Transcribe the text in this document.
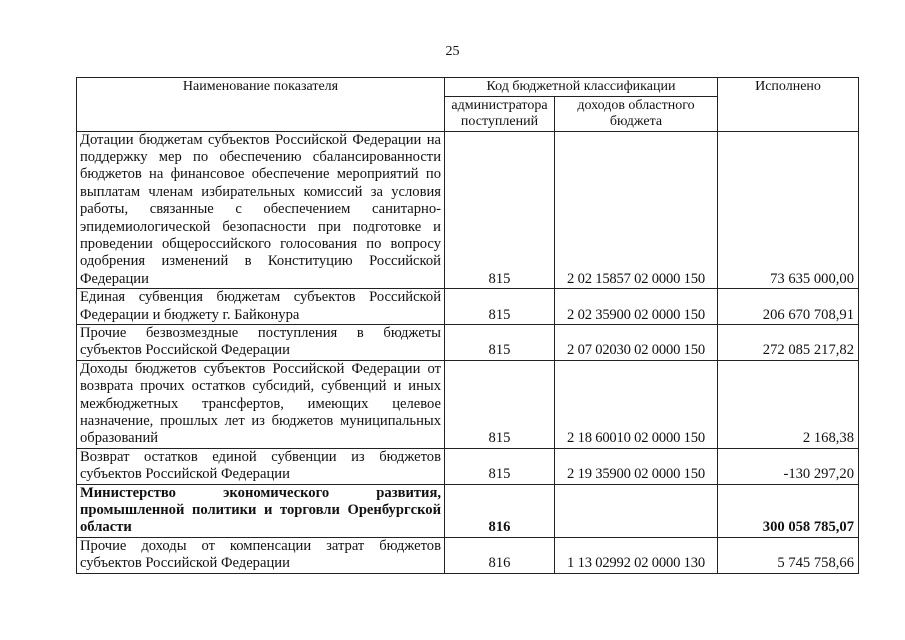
25
Наименование показателя	Код бюджетной классификации		Исполнено
	администратора поступлений	доходов областного бюджета	
Дотации бюджетам субъектов Российской Федерации на поддержку мер по обеспечению сбалансированности бюджетов на финансовое обеспечение мероприятий по выплатам членам избирательных комиссий за условия работы, связанные с обеспечением санитарно-эпидемиологической безопасности при подготовке и проведении общероссийского голосования по вопросу одобрения изменений в Конституцию Российской Федерации	815	2 02 15857 02 0000 150	73 635 000,00
Единая субвенция бюджетам субъектов Российской Федерации и бюджету г. Байконура	815	2 02 35900 02 0000 150	206 670 708,91
Прочие безвозмездные поступления в бюджеты субъектов Российской Федерации	815	2 07 02030 02 0000 150	272 085 217,82
Доходы бюджетов субъектов Российской Федерации от возврата прочих остатков субсидий, субвенций и иных межбюджетных трансфертов, имеющих целевое назначение, прошлых лет из бюджетов муниципальных образований	815	2 18 60010 02 0000 150	2 168,38
Возврат остатков единой субвенции из бюджетов субъектов Российской Федерации	815	2 19 35900 02 0000 150	-130 297,20
Министерство экономического развития, промышленной политики и торговли Оренбургской области	816		300 058 785,07
Прочие доходы от компенсации затрат бюджетов субъектов Российской Федерации	816	1 13 02992 02 0000 130	5 745 758,66
